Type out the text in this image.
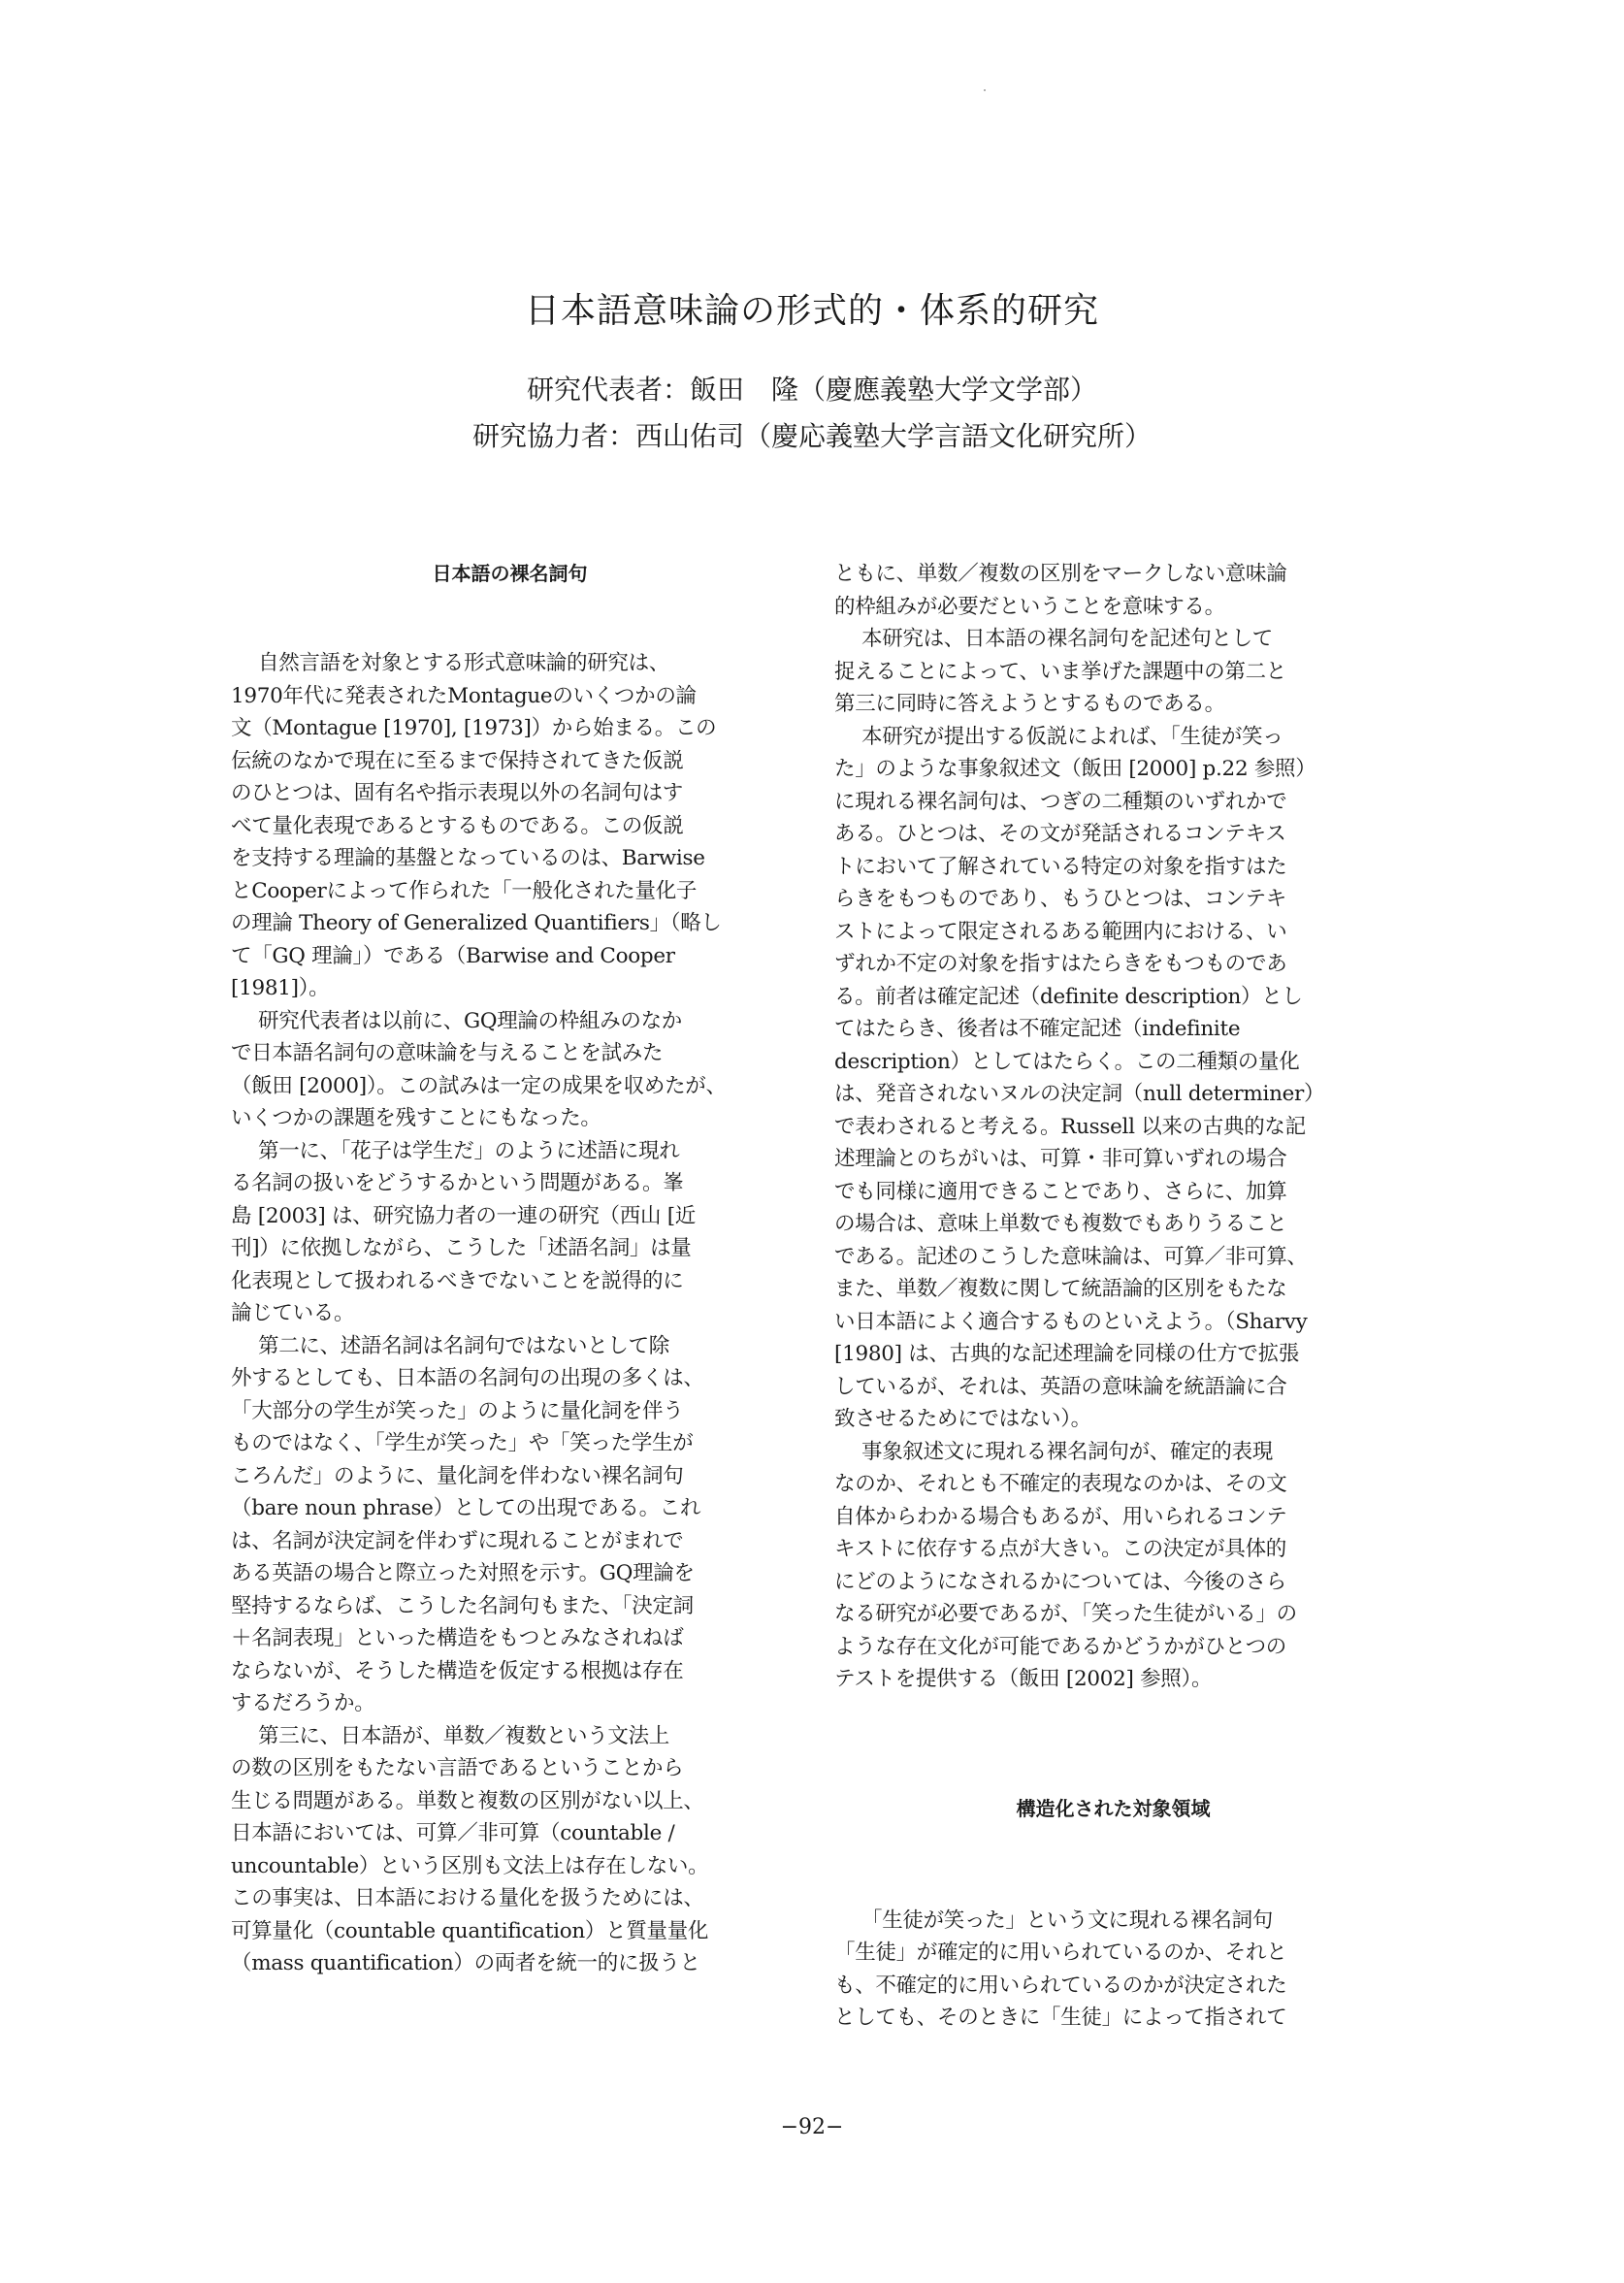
日本語意味論の形式的・体系的研究
研究代表者：飯田　隆（慶應義塾大学文学部）
研究協力者：西山佑司（慶応義塾大学言語文化研究所）
日本語の裸名詞句
自然言語を対象とする形式意味論的研究は、
1970年代に発表されたMontagueのいくつかの論
文（Montague [1970], [1973]）から始まる。この
伝統のなかで現在に至るまで保持されてきた仮説
のひとつは、固有名や指示表現以外の名詞句はす
べて量化表現であるとするものである。この仮説
を支持する理論的基盤となっているのは、Barwise
とCooperによって作られた「一般化された量化子
の理論 Theory of Generalized Quantifiers」（略し
て「GQ 理論」）である（Barwise and Cooper
[1981]）。
研究代表者は以前に、GQ理論の枠組みのなか
で日本語名詞句の意味論を与えることを試みた
（飯田 [2000]）。この試みは一定の成果を収めたが、
いくつかの課題を残すことにもなった。
第一に、「花子は学生だ」のように述語に現れ
る名詞の扱いをどうするかという問題がある。峯
島 [2003] は、研究協力者の一連の研究（西山 [近
刊]）に依拠しながら、こうした「述語名詞」は量
化表現として扱われるべきでないことを説得的に
論じている。
第二に、述語名詞は名詞句ではないとして除
外するとしても、日本語の名詞句の出現の多くは、
「大部分の学生が笑った」のように量化詞を伴う
ものではなく、「学生が笑った」や「笑った学生が
ころんだ」のように、量化詞を伴わない裸名詞句
（bare noun phrase）としての出現である。これ
は、名詞が決定詞を伴わずに現れることがまれで
ある英語の場合と際立った対照を示す。GQ理論を
堅持するならば、こうした名詞句もまた、「決定詞
＋名詞表現」といった構造をもつとみなされねば
ならないが、そうした構造を仮定する根拠は存在
するだろうか。
第三に、日本語が、単数／複数という文法上
の数の区別をもたない言語であるということから
生じる問題がある。単数と複数の区別がない以上、
日本語においては、可算／非可算（countable /
uncountable）という区別も文法上は存在しない。
この事実は、日本語における量化を扱うためには、
可算量化（countable quantification）と質量量化
（mass quantification）の両者を統一的に扱うと
ともに、単数／複数の区別をマークしない意味論
的枠組みが必要だということを意味する。
本研究は、日本語の裸名詞句を記述句として
捉えることによって、いま挙げた課題中の第二と
第三に同時に答えようとするものである。
本研究が提出する仮説によれば、「生徒が笑っ
た」のような事象叙述文（飯田 [2000] p.22 参照）
に現れる裸名詞句は、つぎの二種類のいずれかで
ある。ひとつは、その文が発話されるコンテキス
トにおいて了解されている特定の対象を指すはた
らきをもつものであり、もうひとつは、コンテキ
ストによって限定されるある範囲内における、い
ずれか不定の対象を指すはたらきをもつものであ
る。前者は確定記述（definite description）とし
てはたらき、後者は不確定記述（indefinite
description）としてはたらく。この二種類の量化
は、発音されないヌルの決定詞（null determiner）
で表わされると考える。Russell 以来の古典的な記
述理論とのちがいは、可算・非可算いずれの場合
でも同様に適用できることであり、さらに、加算
の場合は、意味上単数でも複数でもありうること
である。記述のこうした意味論は、可算／非可算、
また、単数／複数に関して統語論的区別をもたな
い日本語によく適合するものといえよう。（Sharvy
[1980] は、古典的な記述理論を同様の仕方で拡張
しているが、それは、英語の意味論を統語論に合
致させるためにではない）。
事象叙述文に現れる裸名詞句が、確定的表現
なのか、それとも不確定的表現なのかは、その文
自体からわかる場合もあるが、用いられるコンテ
キストに依存する点が大きい。この決定が具体的
にどのようになされるかについては、今後のさら
なる研究が必要であるが、「笑った生徒がいる」の
ような存在文化が可能であるかどうかがひとつの
テストを提供する（飯田 [2002] 参照）。
構造化された対象領域
「生徒が笑った」という文に現れる裸名詞句
「生徒」が確定的に用いられているのか、それと
も、不確定的に用いられているのかが決定された
としても、そのときに「生徒」によって指されて
−92−
